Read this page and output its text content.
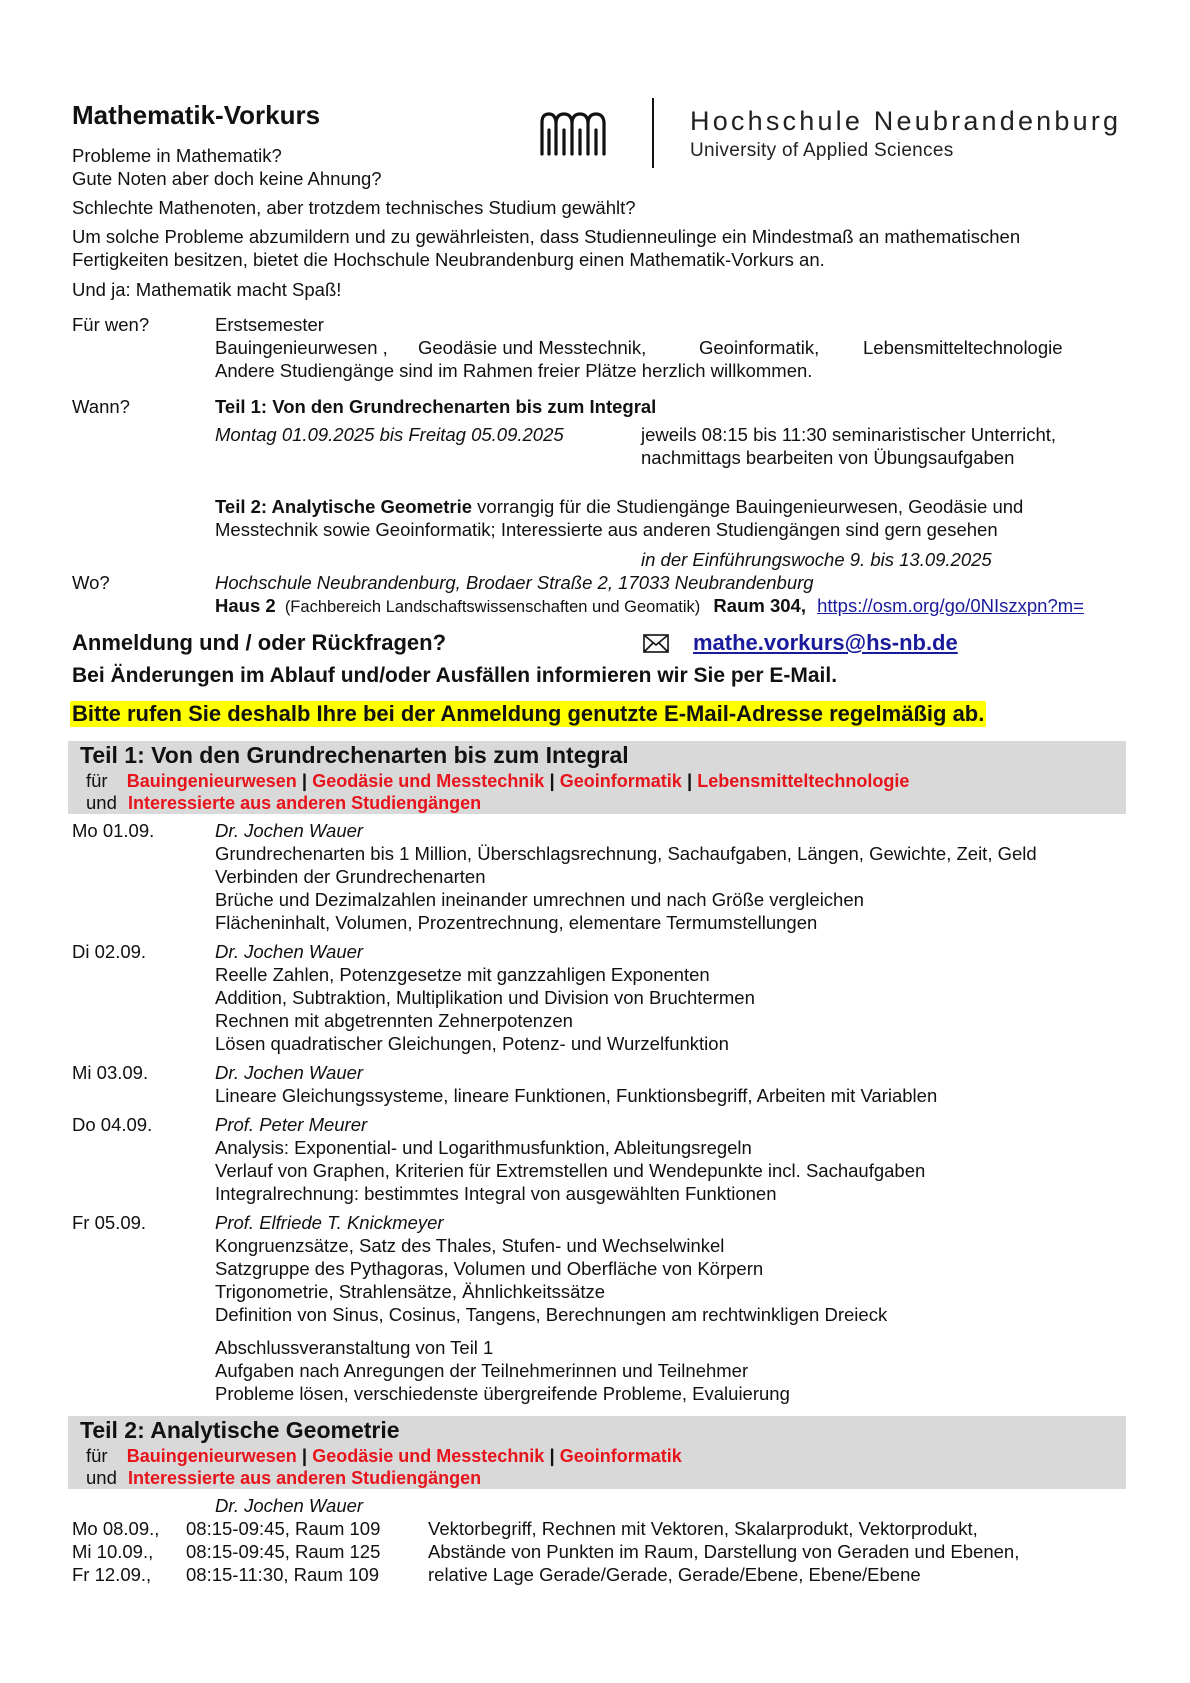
Mathematik-Vorkurs	Hochschule Neubrandenburg
University of Applied Sciences
Probleme in Mathematik?
Gute Noten aber doch keine Ahnung?
Schlechte Mathenoten, aber trotzdem technisches Studium gewählt?
Um solche Probleme abzumildern und zu gewährleisten, dass Studienneulinge ein Mindestmaß an mathematischen
Fertigkeiten besitzen, bietet die Hochschule Neubrandenburg einen Mathematik-Vorkurs an.
Und ja: Mathematik macht Spaß!
Für wen?	Erstsemester
Bauingenieurwesen , Geodäsie und Messtechnik,	Geoinformatik, Lebensmitteltechnologie
Andere Studiengänge sind im Rahmen freier Plätze herzlich willkommen.
Wann?	Teil 1: Von den Grundrechenarten bis zum Integral
Montag 01.09.2025 bis Freitag 05.09.2025	jeweils 08:15 bis 11:30 seminaristischer Unterricht,
nachmittags bearbeiten von Übungsaufgaben
Teil 2: Analytische Geometrie vorrangig für die Studiengänge Bauingenieurwesen, Geodäsie und
Messtechnik sowie Geoinformatik; Interessierte aus anderen Studiengängen sind gern gesehen
in der Einführungswoche 9. bis 13.09.2025
Wo?	Hochschule Neubrandenburg, Brodaer Straße 2, 17033 Neubrandenburg
Haus 2 (Fachbereich Landschaftswissenschaften und Geomatik) Raum 304, https://osm.org/go/0NIszxpn?m=
Anmeldung und / oder Rückfragen?	mathe.vorkurs@hs-nb.de
Bei Änderungen im Ablauf und/oder Ausfällen informieren wir Sie per E-Mail.
Bitte rufen Sie deshalb Ihre bei der Anmeldung genutzte E-Mail-Adresse regelmäßig ab.
Teil 1: Von den Grundrechenarten bis zum Integral
für Bauingenieurwesen | Geodäsie und Messtechnik | Geoinformatik | Lebensmitteltechnologie
und Interessierte aus anderen Studiengängen
Mo 01.09.	Dr. Jochen Wauer
Grundrechenarten bis 1 Million, Überschlagsrechnung, Sachaufgaben, Längen, Gewichte, Zeit, Geld
Verbinden der Grundrechenarten
Brüche und Dezimalzahlen ineinander umrechnen und nach Größe vergleichen
Flächeninhalt, Volumen, Prozentrechnung, elementare Termumstellungen
Di 02.09.	Dr. Jochen Wauer
Reelle Zahlen, Potenzgesetze mit ganzzahligen Exponenten
Addition, Subtraktion, Multiplikation und Division von Bruchtermen
Rechnen mit abgetrennten Zehnerpotenzen
Lösen quadratischer Gleichungen, Potenz- und Wurzelfunktion
Mi 03.09.	Dr. Jochen Wauer
Lineare Gleichungssysteme, lineare Funktionen, Funktionsbegriff, Arbeiten mit Variablen
Do 04.09.	Prof. Peter Meurer
Analysis: Exponential- und Logarithmusfunktion, Ableitungsregeln
Verlauf von Graphen, Kriterien für Extremstellen und Wendepunkte incl. Sachaufgaben
Integralrechnung: bestimmtes Integral von ausgewählten Funktionen
Fr 05.09.	Prof. Elfriede T. Knickmeyer
Kongruenzsätze, Satz des Thales, Stufen- und Wechselwinkel
Satzgruppe des Pythagoras, Volumen und Oberfläche von Körpern
Trigonometrie, Strahlensätze, Ähnlichkeitssätze
Definition von Sinus, Cosinus, Tangens, Berechnungen am rechtwinkligen Dreieck
Abschlussveranstaltung von Teil 1
Aufgaben nach Anregungen der Teilnehmerinnen und Teilnehmer
Probleme lösen, verschiedenste übergreifende Probleme, Evaluierung
Teil 2: Analytische Geometrie
für Bauingenieurwesen | Geodäsie und Messtechnik | Geoinformatik
und Interessierte aus anderen Studiengängen
Dr. Jochen Wauer
Mo 08.09., 08:15-09:45, Raum 109	Vektorbegriff, Rechnen mit Vektoren, Skalarprodukt, Vektorprodukt,
Mi 10.09., 08:15-09:45, Raum 125	Abstände von Punkten im Raum, Darstellung von Geraden und Ebenen,
Fr 12.09., 08:15-11:30, Raum 109	relative Lage Gerade/Gerade, Gerade/Ebene, Ebene/Ebene
